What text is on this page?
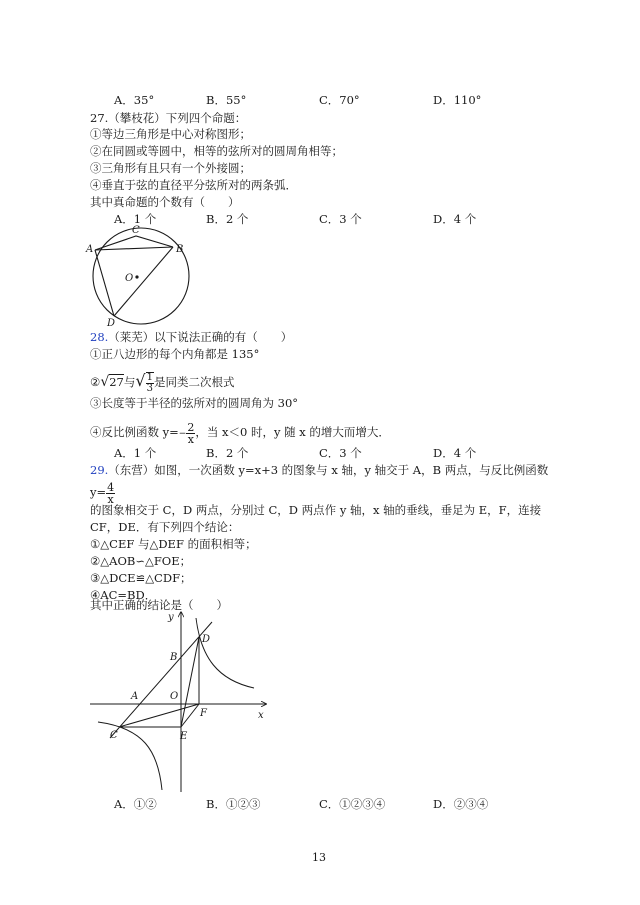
A．35°	B．55°	C．70°	D．110°
27.（攀枝花）下列四个命题：
①等边三角形是中心对称图形；
②在同圆或等圆中，相等的弦所对的圆周角相等；
③三角形有且只有一个外接圆；
④垂直于弦的直径平分弦所对的两条弧．
其中真命题的个数有（　　）
A．1 个	B．2 个	C．3 个	D．4 个
A
C
B
O
D
28.（莱芜）以下说法正确的有（　　）
①正八边形的每个内角都是 135°
②√27与√ $\frac{1}{3}$ 是同类二次根式
③长度等于半径的弦所对的圆周角为 30°
④反比例函数 $y=- \frac{2}{x}$ ，当 x＜0 时，y 随 x 的增大而增大．
A．1 个	B．2 个	C．3 个	D．4 个
29.（东营）如图，一次函数 y=x+3 的图象与 x 轴，y 轴交于 A，B 两点，与反比例函数
$y= \frac{4}{x}$
的图象相交于 C，D 两点，分别过 C，D 两点作 y 轴，x 轴的垂线，垂足为 E，F，连接
CF，DE．有下列四个结论：
①△CEF 与△DEF 的面积相等；
②△AOB∽△FOE；
③△DCE≌△CDF；
④AC=BD．
其中正确的结论是（　　）
y
x
D
B
A	O
F
C	E
A．①②	B．①②③	C．①②③④	D．②③④
13
